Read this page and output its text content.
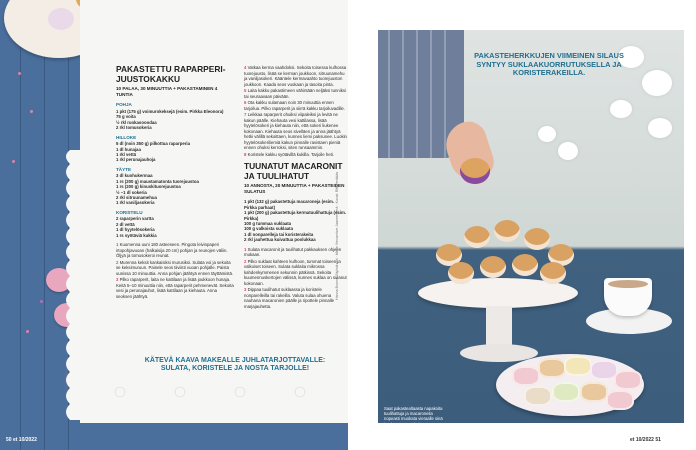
PAKASTETTU RAPARPERI-JUUSTOKAKKU

10 PALAA, 30 MINUUTTIA + PAKASTAMINEN 4 TUNTIA

POHJA

1 pkt (175 g) voimurokeksejä (esim. Pirkka Eleonora)

75 g voita

½ rkl ruokasooodaa

2 rkl tomusokeria

HILLOKE

5 dl (noin 350 g) pilkottua raparperia

1 dl hunajaa

1 rkl vettä

1 rkl perunajauhoja

TÄYTE

3 dl kuohukermaa

1 rs (200 g) maustamatonta tuorejuustoa

1 rs (200 g) kinuskituorejuustoa

½ –1 dl sokeria

2 rkl sitruunamehua

1 rkl vaniljasokeria

KORISTELU

2 raparperin vartta

2 dl vettä

1 dl hyytelösokeria

1 rs syötäviä kukkia

1 Kuumenna uuni 180 asteeseen. Pingota leivinpaperi irtopohjavuoan (halkaisija 20 cm) pohjan ja reunojen väliin. Öljyä ja tomusokeroi reunat.

2 Murenna keksit kankaisiksi murusiksi. Sulata voi ja sekoita se keksimuruun. Painele seos tiiviisti vuoan pohjalle. Paista uunissa 10 minuuttia. Anna pohjan jäähtyä ennen täyttämistä.

3 Pilko raparperit, laita ne kattilaan ja lisää joukkoon hunaja. Keitä 5–10 minuuttia niin, että raparperit pehmenevät. Sekoita vesi ja perunajauhot, lisää kattilaan ja kiehauta. Anna seoksen jäähtyä.

4 Vatkaa kerma vaahdoksi. Sekoita toisessa kulhossa tuorejuusto, lisää se kerman joukkoon, sitruunamehu ja vaniljasokeri. Kääntele kermavaahto tuorejuuston joukkoon. Kaada seos vuokaan ja tasoita pinta.

5 Laita kakku pakastimeen vähintään neljäksi tunniksi tai seuraavaan päivään.

6 Ota kakku sulamaan noin 30 minuuttia ennen tarjoilua. Pilko raparperit ja siirrä kakku tarjoiluvadille.

7 Leikkaa raparperit ohuiksi viipaleiksi ja levitä ne kakun päälle. Kiehauta vesi kattilassa, lisää hyytelösokeri ja kiehauta niin, että sokeri liukenee kokonaan. Kiehauta seos sivelläen ja anna jäähtyä hetki välillä sekoittaen, kunnes liemi paksunee. Luokin hyytelösokeriliemiä kakun pinnalle ravistaen pieniä ennen ohuksi kerroksi, siten runsaammin.

8 Koristele kakku syötävillä kukilla. Tarjoile heti.

TUUNATUT MACARONIT JA TUULIHATUT

10 ANNOSTA, 20 MINUUTTIA + PAKASTEIDEN SULATUS

1 pkt (132 g) pakastettuja macaroneja (esim. Pirkka parhaat)

1 pkt (200 g) pakastettuja kermatuulihattuja (esim. Pirkka)

100 g tummaa suklaata

100 g valkoista suklaata

1 dl nonparelleja tai koristerakeita

2 rkl jauhettua kuivattua poolukkaa

1 Sulata macaronit ja tuulihatut pakkauksen ohjeen mukaan.

2 Pilko suklaat kahteen kulhoon, tummat toiseen ja valkoiset toiseen. Sulata suklaita mikrossa kahdenkymmenen sekunnin pätkissä. Sekoita kuumennuskertojen välissä, kunnes suklaa on sulanut kokonaan.

3 Dippaa tuulihatut suklaassa ja koristele nonparelleilla tai rakeilla. Valuta sulaa ohuena nauhana macaronien päälle ja ripottele pinnalle marjajauhetta.

KÄTEVÄ KAAVA MAKEALLE JUHLATARJOTTAVALLE: SULATA, KORISTELE JA NOSTA TARJOLLE!

Hanna Brumm Stylistiraari · Mette Vercambre Jaarnenperä · Kuvat: Ritt Penäkäs
50 et 10/2022

PAKASTEHERKKUJEN VIIMEINEN SILAUS SYNTYY SUKLAAKUORRUTUKSELLA JA KORISTERAKEILLA.

Saat pakastealtaasta napakoita tuulihattuja ja macaroneita nopeasti muokata vieraalle sinä juuri sen verran kuin on vierailtakin.

et 10/2022 51
